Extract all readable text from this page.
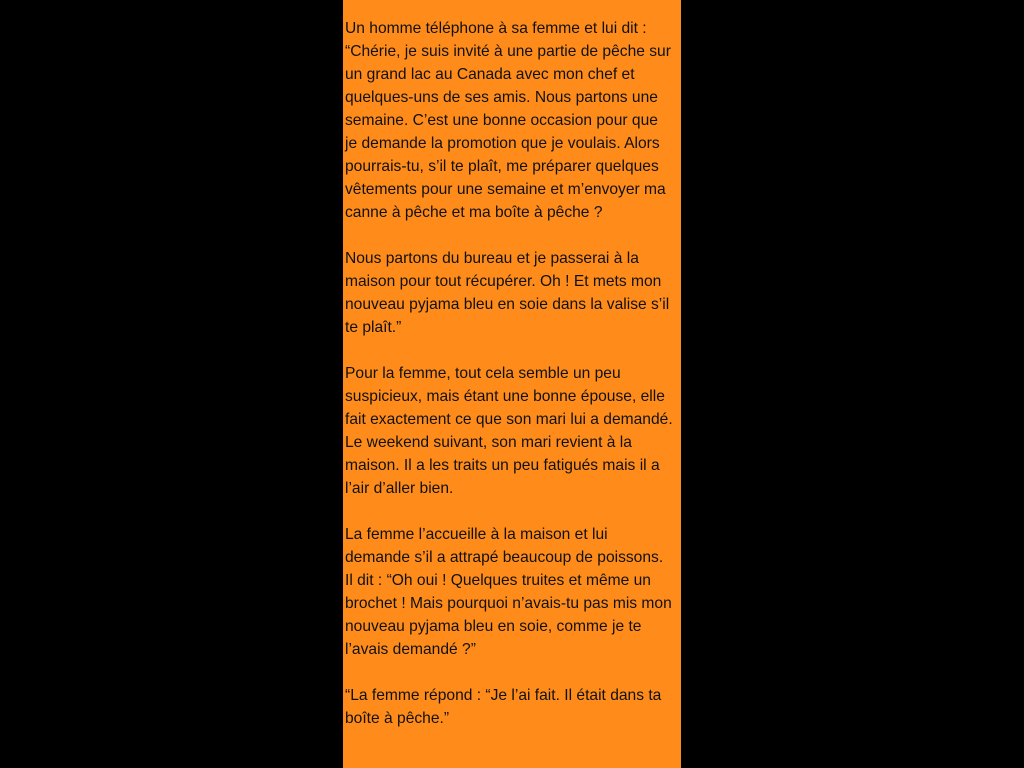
Un homme téléphone à sa femme et lui dit :
“Chérie, je suis invité à une partie de pêche sur
un grand lac au Canada avec mon chef et
quelques-uns de ses amis. Nous partons une
semaine. C’est une bonne occasion pour que
je demande la promotion que je voulais. Alors
pourrais-tu, s’il te plaît, me préparer quelques
vêtements pour une semaine et m’envoyer ma
canne à pêche et ma boîte à pêche ?
Nous partons du bureau et je passerai à la
maison pour tout récupérer. Oh ! Et mets mon
nouveau pyjama bleu en soie dans la valise s’il
te plaît.”
Pour la femme, tout cela semble un peu
suspicieux, mais étant une bonne épouse, elle
fait exactement ce que son mari lui a demandé.
Le weekend suivant, son mari revient à la
maison. Il a les traits un peu fatigués mais il a
l’air d’aller bien.
La femme l’accueille à la maison et lui
demande s’il a attrapé beaucoup de poissons.
Il dit : “Oh oui ! Quelques truites et même un
brochet ! Mais pourquoi n’avais-tu pas mis mon
nouveau pyjama bleu en soie, comme je te
l’avais demandé ?”
“La femme répond : “Je l’ai fait. Il était dans ta
boîte à pêche.”
